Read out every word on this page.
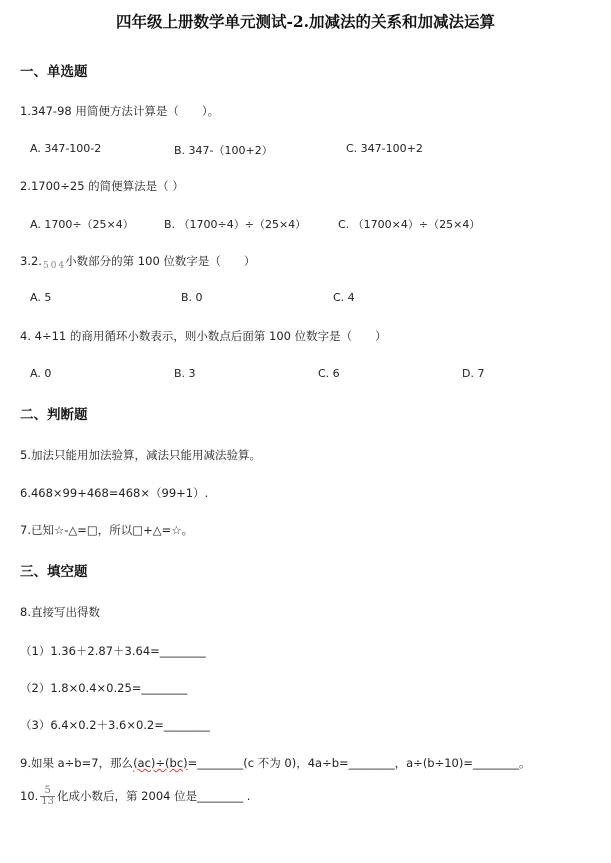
四年级上册数学单元测试-2.加减法的关系和加减法运算
一、单选题
1.347-98 用简便方法计算是（　　）。
A. 347-100-2	B. 347-（100+2）	C. 347-100+2
2.1700÷25 的简便算法是（ ）
A. 1700÷（25×4）	B. （1700÷4）÷（25×4）	C. （1700×4）÷（25×4）
$3.2._5$ $_0$ $_4$小数部分的第 100 位数字是（　　）
A. 5	B. 0	C. 4
4. 4÷11 的商用循环小数表示，则小数点后面第 100 位数字是（　　）
A. 0	B. 3	C. 6	D. 7
二、判断题
5.加法只能用加法验算，减法只能用减法验算。
6.468×99+468=468×（99+1）.
7.已知☆-△=□，所以□+△=☆。
三、填空题
8.直接写出得数
（1）1.36＋2.87＋3.64=________
（2）1.8×0.4×0.25=________
（3）6.4×0.2＋3.6×0.2=________
9.如果 a÷b=7，那么(ac)÷(bc)=________(c 不为 0)，4a÷b=________，a÷(b÷10)=________。
10. $\frac{5}{13}$ 化成小数后，第 2004 位是________ .
